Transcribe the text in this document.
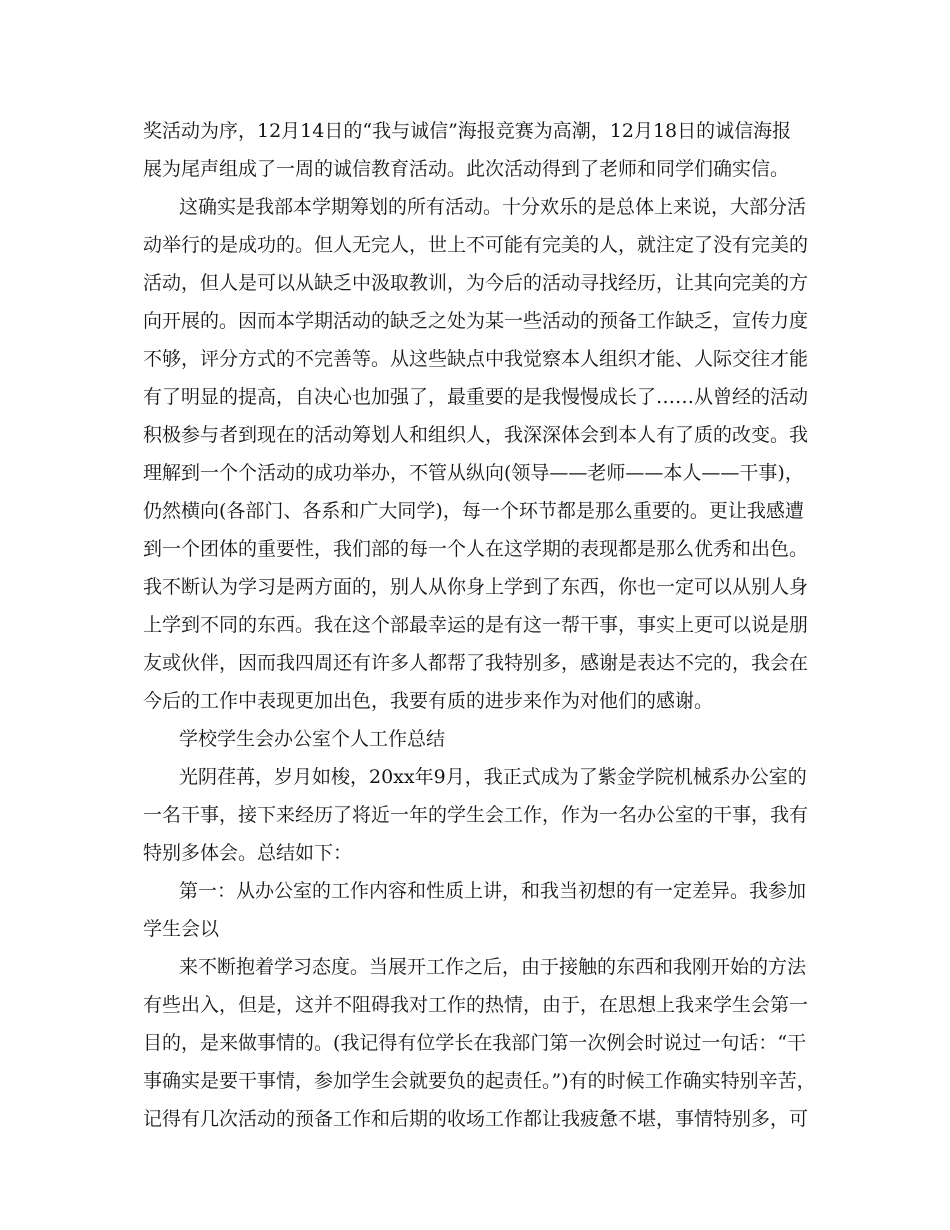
奖活动为序，12月14日的“我与诚信”海报竞赛为高潮，12月18日的诚信海报
展为尾声组成了一周的诚信教育活动。此次活动得到了老师和同学们确实信。
这确实是我部本学期筹划的所有活动。十分欢乐的是总体上来说，大部分活
动举行的是成功的。但人无完人，世上不可能有完美的人，就注定了没有完美的
活动，但人是可以从缺乏中汲取教训，为今后的活动寻找经历，让其向完美的方
向开展的。因而本学期活动的缺乏之处为某一些活动的预备工作缺乏，宣传力度
不够，评分方式的不完善等。从这些缺点中我觉察本人组织才能、人际交往才能
有了明显的提高，自决心也加强了，最重要的是我慢慢成长了……从曾经的活动
积极参与者到现在的活动筹划人和组织人，我深深体会到本人有了质的改变。我
理解到一个个活动的成功举办，不管从纵向(领导——老师——本人——干事)，
仍然横向(各部门、各系和广大同学)，每一个环节都是那么重要的。更让我感遭
到一个团体的重要性，我们部的每一个人在这学期的表现都是那么优秀和出色。
我不断认为学习是两方面的，别人从你身上学到了东西，你也一定可以从别人身
上学到不同的东西。我在这个部最幸运的是有这一帮干事，事实上更可以说是朋
友或伙伴，因而我四周还有许多人都帮了我特别多，感谢是表达不完的，我会在
今后的工作中表现更加出色，我要有质的进步来作为对他们的感谢。
学校学生会办公室个人工作总结
光阴荏苒，岁月如梭，20xx年9月，我正式成为了紫金学院机械系办公室的
一名干事，接下来经历了将近一年的学生会工作，作为一名办公室的干事，我有
特别多体会。总结如下：
第一：从办公室的工作内容和性质上讲，和我当初想的有一定差异。我参加
学生会以
来不断抱着学习态度。当展开工作之后，由于接触的东西和我刚开始的方法
有些出入，但是，这并不阻碍我对工作的热情，由于，在思想上我来学生会第一
目的，是来做事情的。(我记得有位学长在我部门第一次例会时说过一句话：“干
事确实是要干事情，参加学生会就要负的起责任。”)有的时候工作确实特别辛苦，
记得有几次活动的预备工作和后期的收场工作都让我疲惫不堪，事情特别多，可
